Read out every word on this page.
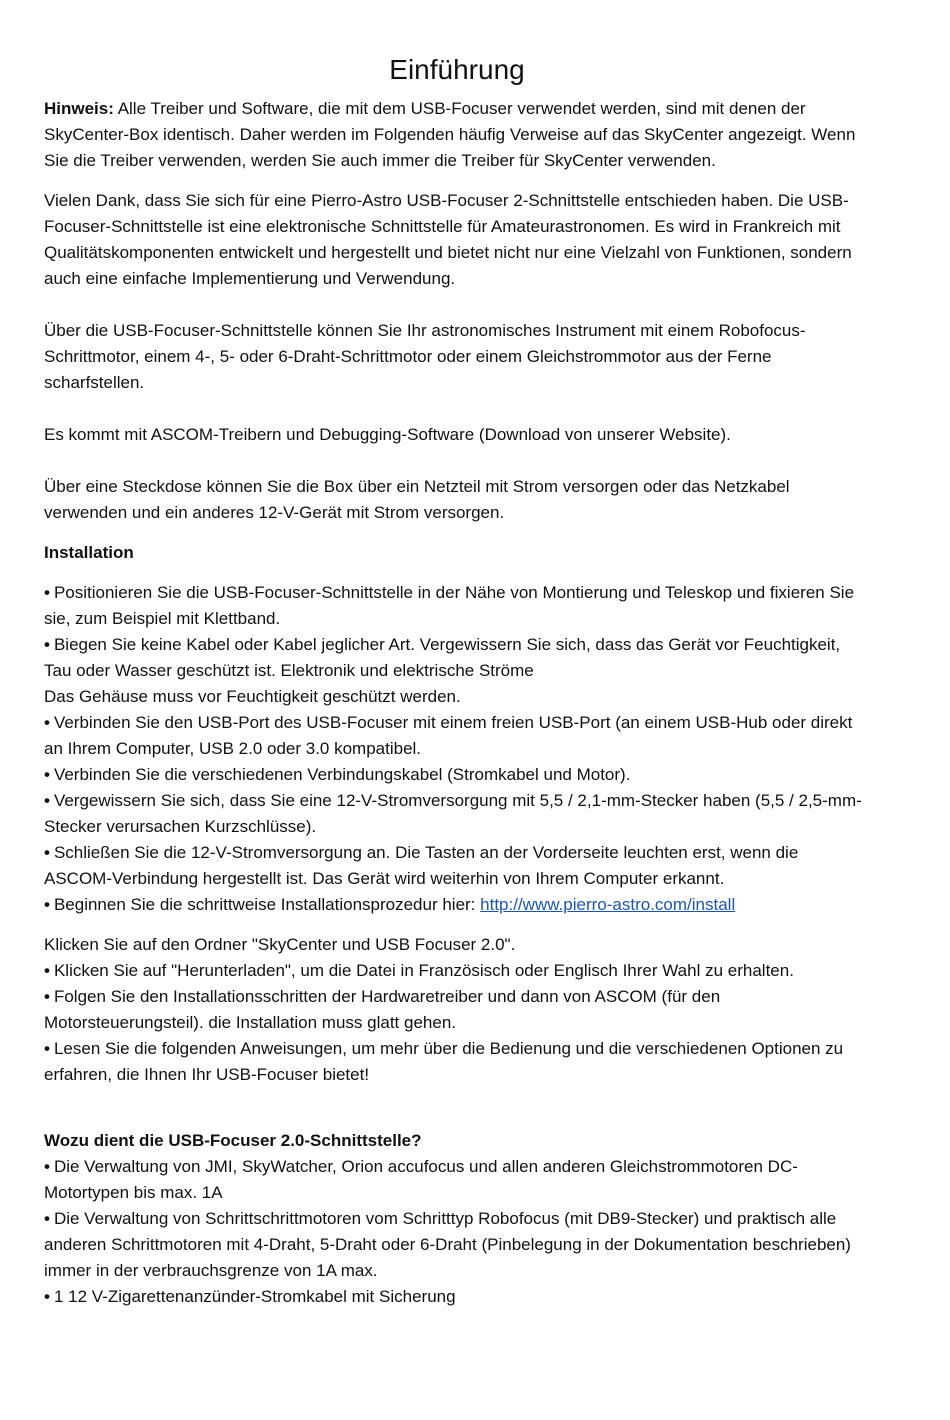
Einführung

Hinweis: Alle Treiber und Software, die mit dem USB-Focuser verwendet werden, sind mit denen der SkyCenter-Box identisch. Daher werden im Folgenden häufig Verweise auf das SkyCenter angezeigt. Wenn Sie die Treiber verwenden, werden Sie auch immer die Treiber für SkyCenter verwenden.

Vielen Dank, dass Sie sich für eine Pierro-Astro USB-Focuser 2-Schnittstelle entschieden haben. Die USB-Focuser-Schnittstelle ist eine elektronische Schnittstelle für Amateurastronomen. Es wird in Frankreich mit Qualitätskomponenten entwickelt und hergestellt und bietet nicht nur eine Vielzahl von Funktionen, sondern auch eine einfache Implementierung und Verwendung.

Über die USB-Focuser-Schnittstelle können Sie Ihr astronomisches Instrument mit einem Robofocus-Schrittmotor, einem 4-, 5- oder 6-Draht-Schrittmotor oder einem Gleichstrommotor aus der Ferne scharfstellen.

Es kommt mit ASCOM-Treibern und Debugging-Software (Download von unserer Website).

Über eine Steckdose können Sie die Box über ein Netzteil mit Strom versorgen oder das Netzkabel verwenden und ein anderes 12-V-Gerät mit Strom versorgen.

Installation

• Positionieren Sie die USB-Focuser-Schnittstelle in der Nähe von Montierung und Teleskop und fixieren Sie sie, zum Beispiel mit Klettband.

• Biegen Sie keine Kabel oder Kabel jeglicher Art. Vergewissern Sie sich, dass das Gerät vor Feuchtigkeit, Tau oder Wasser geschützt ist. Elektronik und elektrische Ströme

Das Gehäuse muss vor Feuchtigkeit geschützt werden.

• Verbinden Sie den USB-Port des USB-Focuser mit einem freien USB-Port (an einem USB-Hub oder direkt an Ihrem Computer, USB 2.0 oder 3.0 kompatibel.

• Verbinden Sie die verschiedenen Verbindungskabel (Stromkabel und Motor).

• Vergewissern Sie sich, dass Sie eine 12-V-Stromversorgung mit 5,5 / 2,1-mm-Stecker haben (5,5 / 2,5-mm-Stecker verursachen Kurzschlüsse).

• Schließen Sie die 12-V-Stromversorgung an. Die Tasten an der Vorderseite leuchten erst, wenn die ASCOM-Verbindung hergestellt ist. Das Gerät wird weiterhin von Ihrem Computer erkannt.

• Beginnen Sie die schrittweise Installationsprozedur hier: http://www.pierro-astro.com/install

Klicken Sie auf den Ordner "SkyCenter und USB Focuser 2.0".

• Klicken Sie auf "Herunterladen", um die Datei in Französisch oder Englisch Ihrer Wahl zu erhalten.

• Folgen Sie den Installationsschritten der Hardwaretreiber und dann von ASCOM (für den Motorsteuerungsteil). die Installation muss glatt gehen.

• Lesen Sie die folgenden Anweisungen, um mehr über die Bedienung und die verschiedenen Optionen zu erfahren, die Ihnen Ihr USB-Focuser bietet!

Wozu dient die USB-Focuser 2.0-Schnittstelle?

• Die Verwaltung von JMI, SkyWatcher, Orion accufocus und allen anderen Gleichstrommotoren DC-Motortypen bis max. 1A

• Die Verwaltung von Schrittschrittmotoren vom Schritttyp Robofocus (mit DB9-Stecker) und praktisch alle anderen Schrittmotoren mit 4-Draht, 5-Draht oder 6-Draht (Pinbelegung in der Dokumentation beschrieben) immer in der verbrauchsgrenze von 1A max.

• 1 12 V-Zigarettenanzünder-Stromkabel mit Sicherung
